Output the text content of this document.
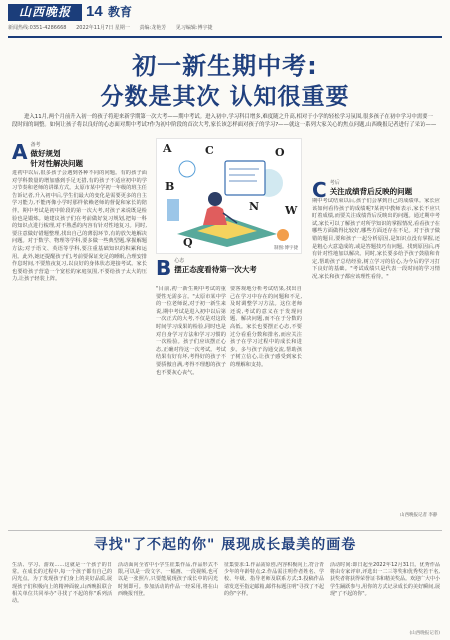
山西晚报	14 教育
新闻热线:0351-4286668 2022年11月7日 星期一 责编:龙艳芳 见习编辑:傅宇捷
初一新生期中考:
分数是其次 认知很重要

进入11月,两个月前升入初一的孩子将迎来新学期第一次大考——期中考试。进入初中,学习科目增多,难度随之升高,相对于小学的轻松学习氛围,很多孩子在初中学习中需要一段时间的调整。如何让孩子将以良好的心态面对期中考试?作为初中阶段的首次大考,家长该怎样面对孩子的学习?——就这一系列大家关心的焦点问题,山西晚报记者进行了采访——

A 备考
做好规划
针对性解决问题

进初中以后,很多孩子会遇到各种不同的问题。有的孩子面对学科数量的增加感到手足无措,有的孩子不适应初中的学习节奏和老师的讲课方式。太原市某中学初一年级的班主任告诉记者,升入初中后,学生们最大的变化是需要更多的自主学习能力,不能再像小学时那样依赖老师的督促和家长的陪伴。期中考试是初中阶段的第一次大考,对孩子来说既是检验也是锻炼。她建议孩子们在考前做好复习规划,把每一科的知识点进行梳理,对不熟悉的内容有针对性地复习。同时,要注意做好错题整理,找出自己的薄弱环节,有的放矢地解决问题。对于数学、物理等学科,要多做一些典型题,掌握解题方法;对于语文、英语等学科,要注重基础知识的积累和运用。此外,她还提醒孩子们,考前要保证充足的睡眠,合理安排作息时间,不要熬夜复习,以良好的身体状态迎接考试。家长也要给孩子营造一个宽松的家庭氛围,不要给孩子太大的压力,让孩子轻装上阵。

A	C	O
B
W
N
Q	制图:傅宇捷
B 心态
摆正态度看待第一次大考

"目前,初一新生期中考试的重要性无需多言。"太原市某中学的一位老师说,对于初一新生来说,期中考试是进入初中以后第一次正式的大考,不仅是对这段时间学习成果的检验,同时也是对自身学习方法和学习习惯的一次检验。孩子们应该摆正心态,正确对待这一次考试。考试结果有好有坏,考得好的孩子不要骄傲自满,考得不理想的孩子也不要灰心丧气。

要客观地分析考试结果,找出自己在学习中存在的问题和不足,及时调整学习方法。这位老师还说,考试的意义在于发现问题、解决问题,而不在于分数的高低。家长也要摆正心态,不要过分看重分数和排名,而应关注孩子在学习过程中的成长和进步。多与孩子沟通交流,帮助孩子树立信心,让孩子感受到家长的理解和支持。

C 考后
关注成绩背后反映的问题

期中考试结束以后,孩子们会拿到自己的成绩单。家长应该如何看待孩子的成绩呢?某初中教师表示,家长不应只盯着成绩,而要关注成绩背后反映出的问题。通过期中考试,家长可以了解孩子对所学知识的掌握情况,看看孩子在哪些方面做得比较好,哪些方面还存在不足。对于孩子做错的题目,要和孩子一起分析原因,是知识点没有掌握,还是粗心大意造成的,或是答题技巧有问题。找到原因后,再有针对性地加以解决。同时,家长要多给予孩子鼓励和肯定,帮助孩子总结经验,树立学习的信心,为今后的学习打下良好的基础。"考试成绩只是代表一段时间的学习情况,家长和孩子都应该理性看待。"

山西晚报记者 李静
寻找"了不起的你" 展现成长最美的画卷

生活、学习、游戏……这就是一个孩子的日常。在成长的过程中,每一个孩子都有自己的闪光点。为了发现孩子们身上的美好品质,展现孩子们积极向上的精神面貌,山西晚报联合相关单位共同举办"寻找了不起的你"系列活动。

活动面向全省中小学生征集作品,作品形式不限,可以是一段文字、一幅画、一段视频,也可以是一张照片,只要能展现孩子成长中的闪光时刻即可。参加活动的作品一经采用,将在山西晚报刊登。

征集要求:1.作品需原创,内容积极向上,符合青少年的年龄特点;2.作品需注明作者姓名、学校、年级、指导老师及联系方式;3.投稿作品请发送至指定邮箱,邮件标题注明"寻找了不起的你"字样。

活动时间:即日起至2022年12月31日。优秀作品将由专家评审,评选出一二三等奖和优秀奖若干名,获奖者将获得荣誉证书和精美奖品。欢迎广大中小学生踊跃参与,用你的方式记录成长的美好瞬间,展现"了不起的你"。

(山西晚报记者)
